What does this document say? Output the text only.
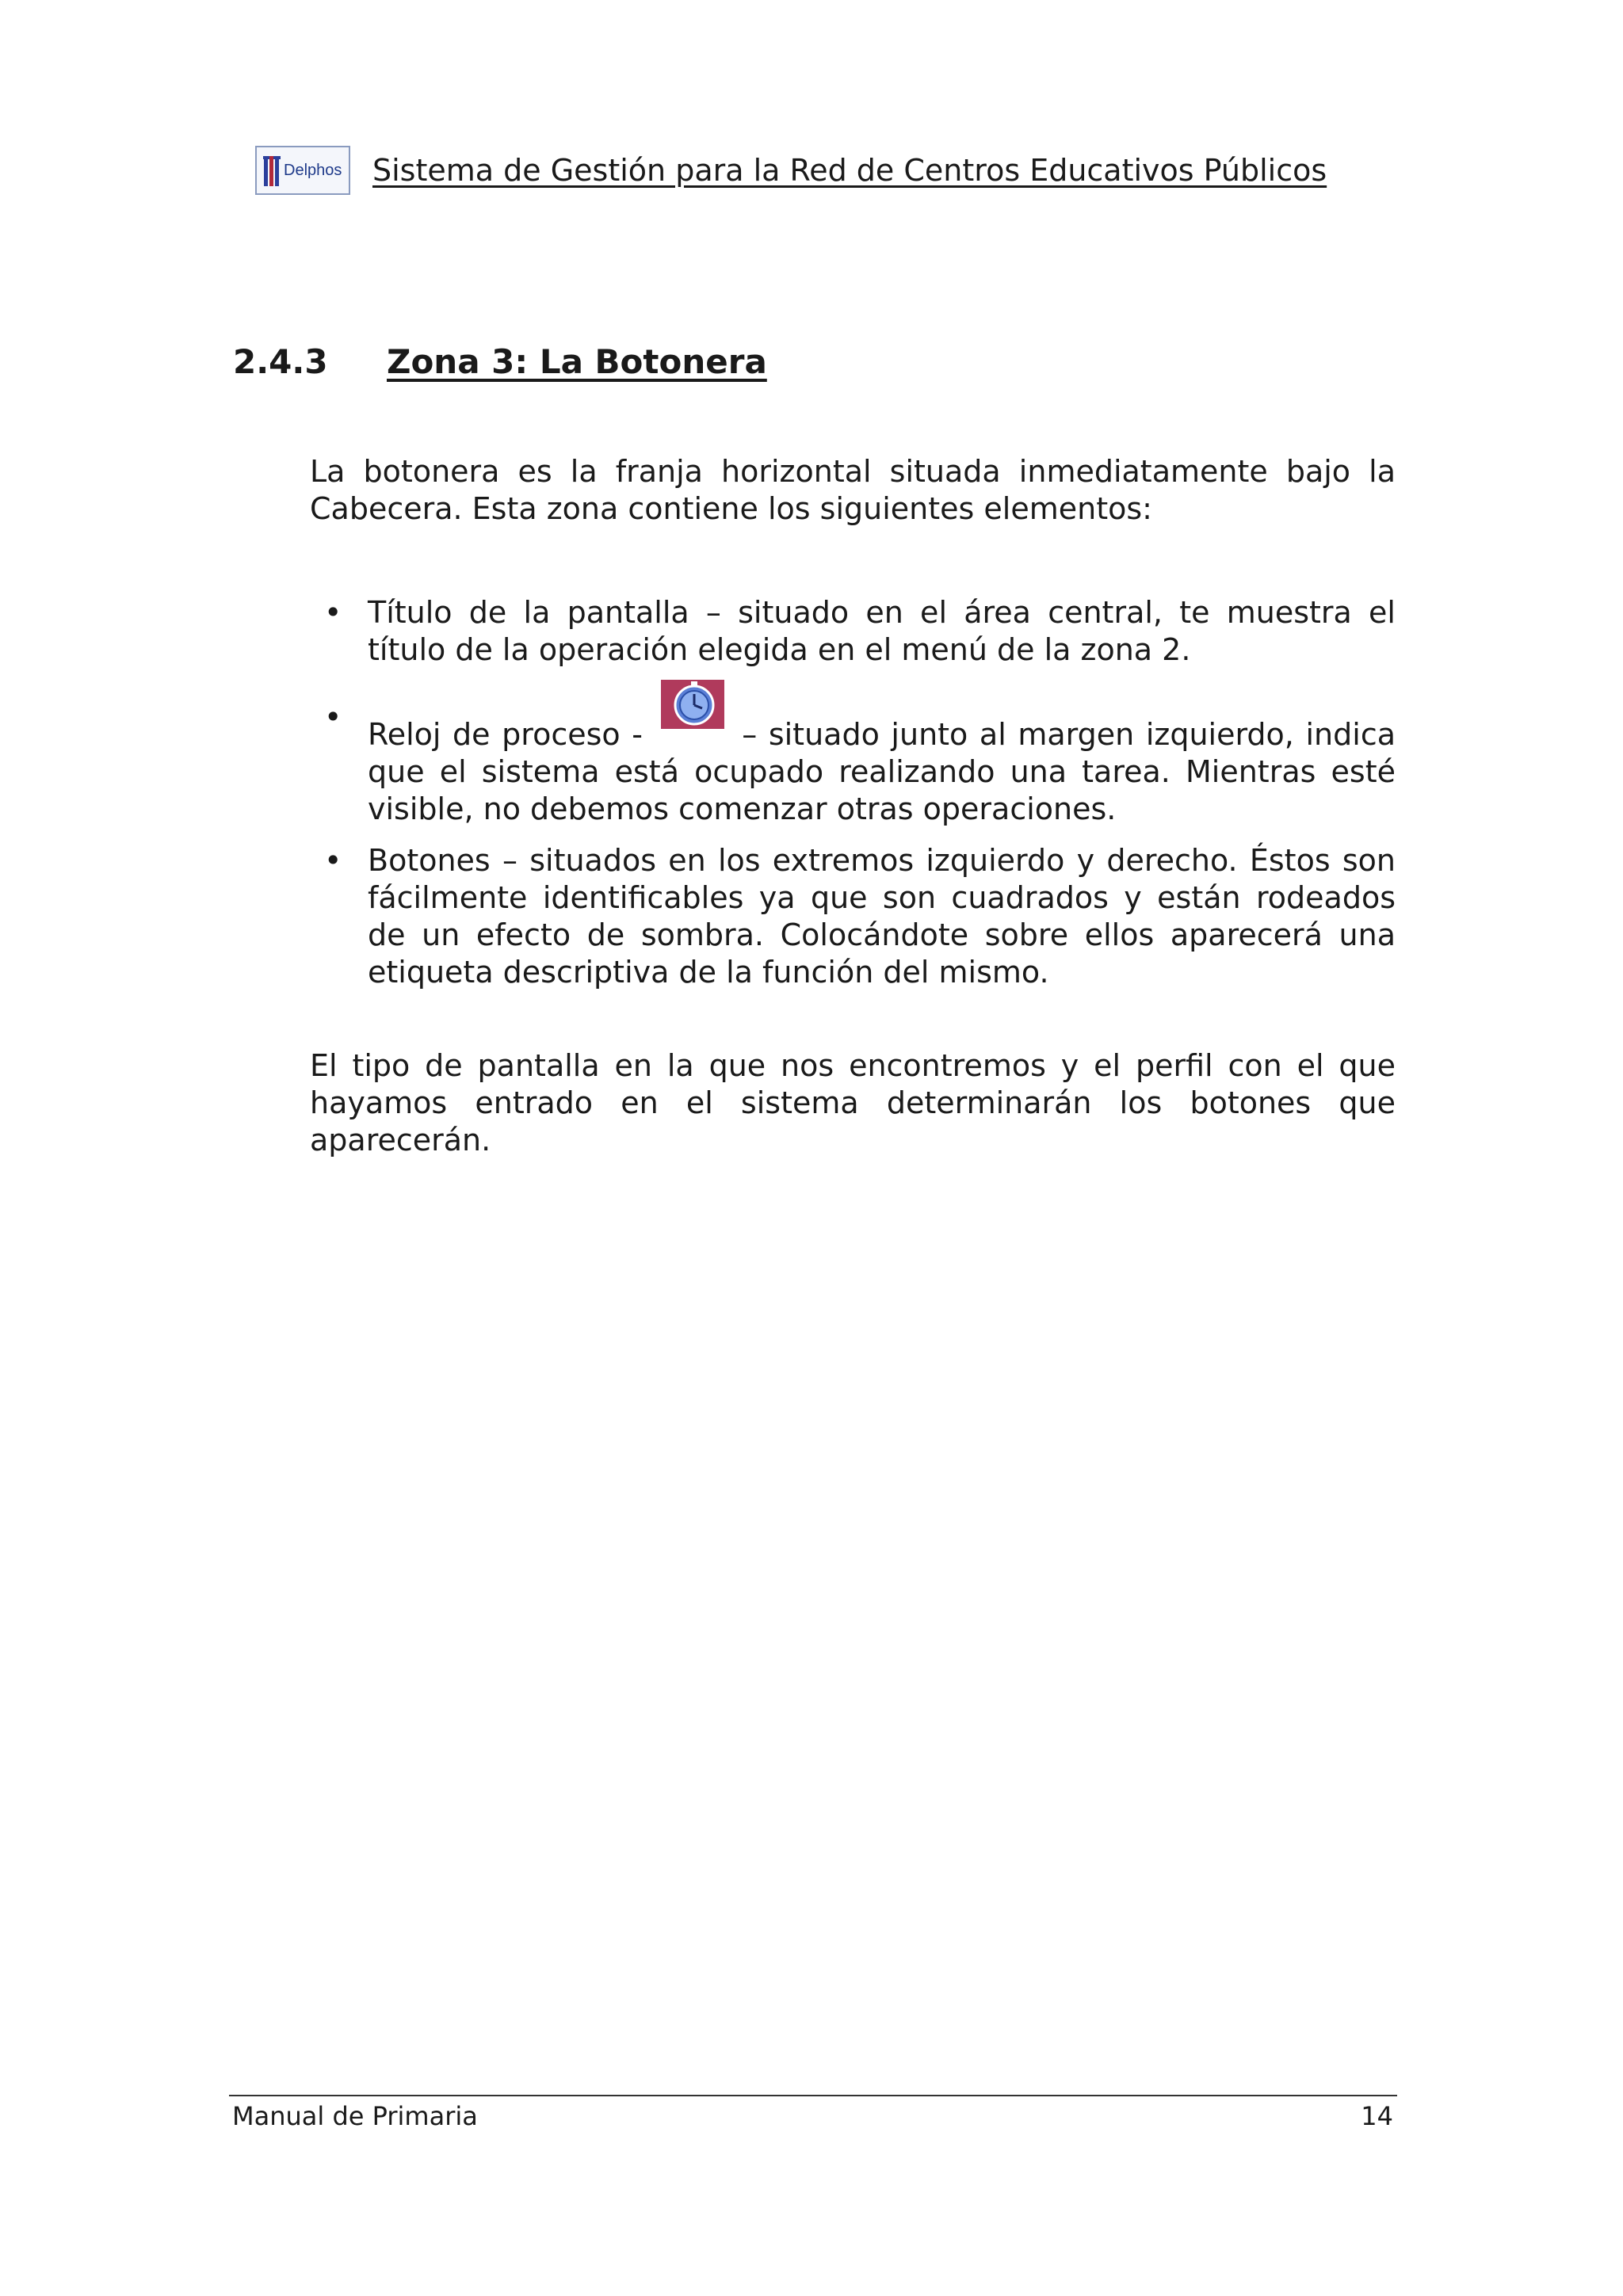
Delphos Sistema de Gestión para la Red de Centros Educativos Públicos
2.4.3 Zona 3: La Botonera

La botonera es la franja horizontal situada inmediatamente bajo la Cabecera. Esta zona contiene los siguientes elementos:

• Título de la pantalla – situado en el área central, te muestra el título de la operación elegida en el menú de la zona 2.
• Reloj de proceso -	– situado junto al margen izquierdo, indica que el sistema está ocupado realizando una tarea. Mientras esté visible, no debemos comenzar otras operaciones.
• Botones – situados en los extremos izquierdo y derecho. Éstos son fácilmente identificables ya que son cuadrados y están rodeados de un efecto de sombra. Colocándote sobre ellos aparecerá una etiqueta descriptiva de la función del mismo.

El tipo de pantalla en la que nos encontremos y el perfil con el que hayamos entrado en el sistema determinarán los botones que aparecerán.

Manual de Primaria	14
